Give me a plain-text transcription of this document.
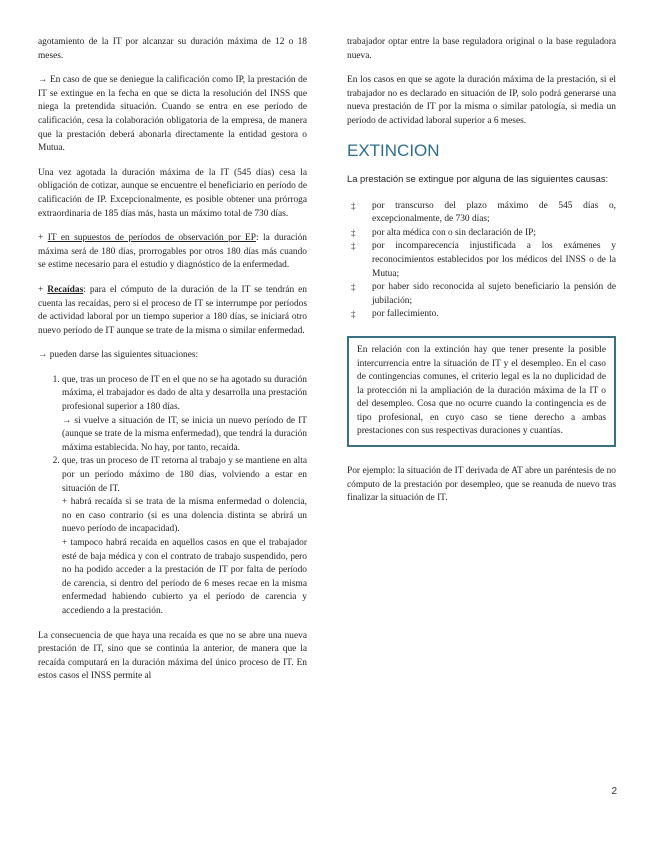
agotamiento de la IT por alcanzar su duración máxima de 12 o 18 meses.

→ En caso de que se deniegue la calificación como IP, la prestación de IT se extingue en la fecha en que se dicta la resolución del INSS que niega la pretendida situación. Cuando se entra en ese período de calificación, cesa la colaboración obligatoria de la empresa, de manera que la prestación deberá abonarla directamente la entidad gestora o Mutua.

Una vez agotada la duración máxima de la IT (545 días) cesa la obligación de cotizar, aunque se encuentre el beneficiario en período de calificación de IP. Excepcionalmente, es posible obtener una prórroga extraordinaria de 185 días más, hasta un máximo total de 730 días.

+ IT en supuestos de períodos de observación por EP: la duración máxima será de 180 días, prorrogables por otros 180 días más cuando se estime necesario para el estudio y diagnóstico de la enfermedad.

+ Recaídas: para el cómputo de la duración de la IT se tendrán en cuenta las recaídas, pero si el proceso de IT se interrumpe por períodos de actividad laboral por un tiempo superior a 180 días, se iniciará otro nuevo período de IT aunque se trate de la misma o similar enfermedad.

→ pueden darse las siguientes situaciones:

1. que, tras un proceso de IT en el que no se ha agotado su duración máxima, el trabajador es dado de alta y desarrolla una prestación profesional superior a 180 días.
→ si vuelve a situación de IT, se inicia un nuevo período de IT (aunque se trate de la misma enfermedad), que tendrá la duración máxima establecida. No hay, por tanto, recaída.
2. que, tras un proceso de IT retorna al trabajo y se mantiene en alta por un período máximo de 180 días, volviendo a estar en situación de IT.
+ habrá recaída si se trata de la misma enfermedad o dolencia, no en caso contrario (si es una dolencia distinta se abrirá un nuevo período de incapacidad).
+ tampoco habrá recaída en aquellos casos en que el trabajador esté de baja médica y con el contrato de trabajo suspendido, pero no ha podido acceder a la prestación de IT por falta de período de carencia, si dentro del período de 6 meses recae en la misma enfermedad habiendo cubierto ya el período de carencia y accediendo a la prestación.

La consecuencia de que haya una recaída es que no se abre una nueva prestación de IT, sino que se continúa la anterior, de manera que la recaída computará en la duración máxima del único proceso de IT. En estos casos el INSS permite al

trabajador optar entre la base reguladora original o la base reguladora nueva.

En los casos en que se agote la duración máxima de la prestación, si el trabajador no es declarado en situación de IP, solo podrá generarse una nueva prestación de IT por la misma o similar patología, si media un período de actividad laboral superior a 6 meses.

EXTINCION

La prestación se extingue por alguna de las siguientes causas:

‡ por transcurso del plazo máximo de 545 días o, excepcionalmente, de 730 días;
‡ por alta médica con o sin declaración de IP;
‡ por incomparecencia injustificada a los exámenes y reconocimientos establecidos por los médicos del INSS o de la Mutua;
‡ por haber sido reconocida al sujeto beneficiario la pensión de jubilación;
‡ por fallecimiento.
En relación con la extinción hay que tener presente la posible intercurrencia entre la situación de IT y el desempleo. En el caso de contingencias comunes, el criterio legal es la no duplicidad de la protección ni la ampliación de la duración máxima de la IT o del desempleo. Cosa que no ocurre cuando la contingencia es de tipo profesional, en cuyo caso se tiene derecho a ambas prestaciones con sus respectivas duraciones y cuantías.

Por ejemplo: la situación de IT derivada de AT abre un paréntesis de no cómputo de la prestación por desempleo, que se reanuda de nuevo tras finalizar la situación de IT.

2
